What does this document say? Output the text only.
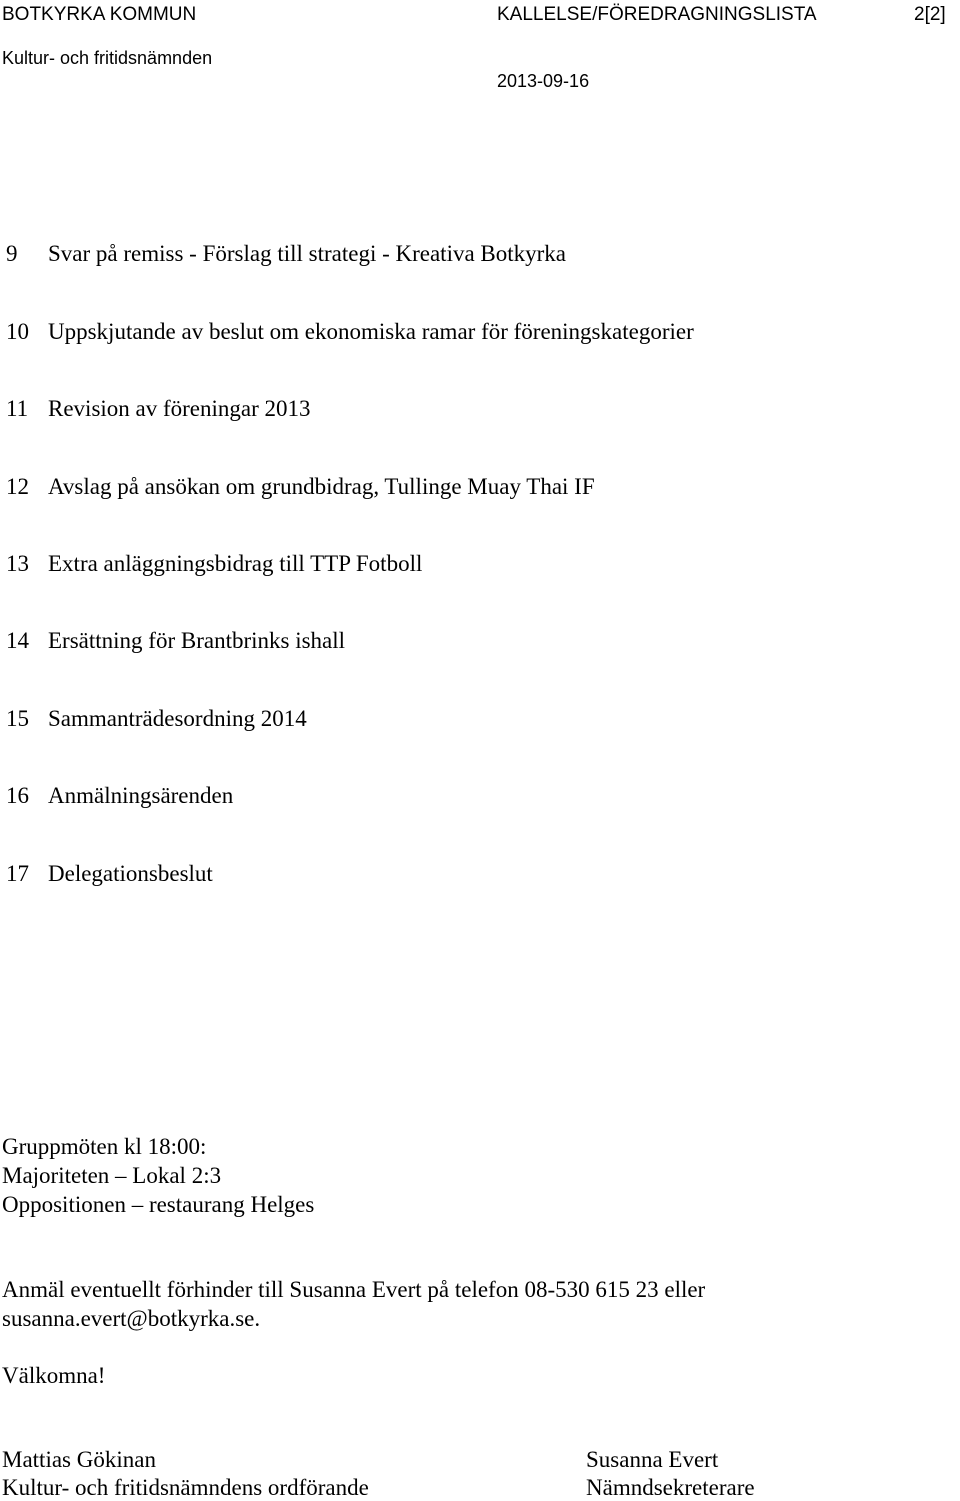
BOTKYRKA KOMMUN	KALLELSE/FÖREDRAGNINGSLISTA	2[2]
Kultur- och fritidsnämnden
2013-09-16
9 Svar på remiss - Förslag till strategi - Kreativa Botkyrka
10 Uppskjutande av beslut om ekonomiska ramar för föreningskategorier
11 Revision av föreningar 2013
12 Avslag på ansökan om grundbidrag, Tullinge Muay Thai IF
13 Extra anläggningsbidrag till TTP Fotboll
14 Ersättning för Brantbrinks ishall
15 Sammanträdesordning 2014
16 Anmälningsärenden
17 Delegationsbeslut
Gruppmöten kl 18:00:
Majoriteten – Lokal 2:3
Oppositionen – restaurang Helges
Anmäl eventuellt förhinder till Susanna Evert på telefon 08-530 615 23 eller
susanna.evert@botkyrka.se.
Välkomna!
Mattias Gökinan
Kultur- och fritidsnämndens ordförande
Susanna Evert
Nämndsekreterare
